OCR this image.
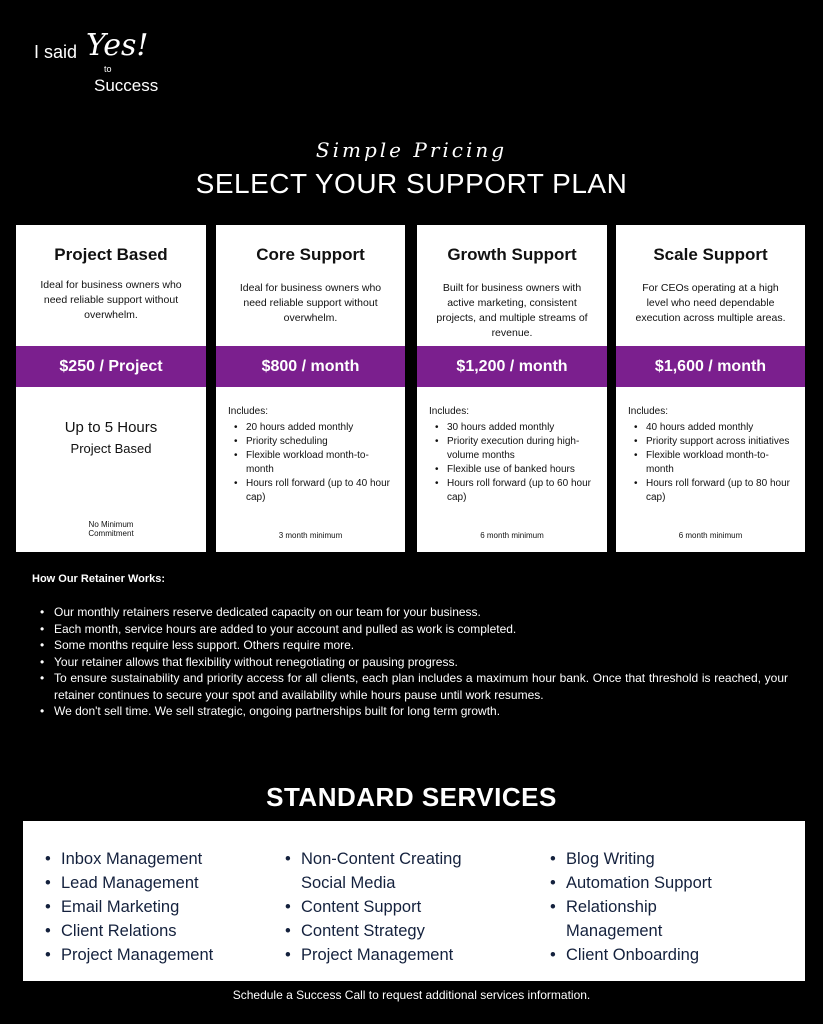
I said Yes!
to
Success
Simple Pricing
SELECT YOUR SUPPORT PLAN
Project Based
Ideal for business owners who need reliable support without overwhelm.
Up to 5 Hours
Project Based
No Minimum Commitment
$250 / Project
Core Support
Ideal for business owners who need reliable support without overwhelm.
Includes:
• 20 hours added monthly
• Priority scheduling
• Flexible workload month-to-month
• Hours roll forward (up to 40 hour cap)
3 month minimum
$800 / month
Growth Support
Built for business owners with active marketing, consistent projects, and multiple streams of revenue.
Includes:
• 30 hours added monthly
• Priority execution during high-volume months
• Flexible use of banked hours
• Hours roll forward (up to 60 hour cap)
6 month minimum
$1,200 / month
Scale Support
For CEOs operating at a high level who need dependable execution across multiple areas.
Includes:
• 40 hours added monthly
• Priority support across initiatives
• Flexible workload month-to-month
• Hours roll forward (up to 80 hour cap)
6 month minimum
$1,600 / month
How Our Retainer Works:
• Our monthly retainers reserve dedicated capacity on our team for your business.
• Each month, service hours are added to your account and pulled as work is completed.
• Some months require less support. Others require more.
• Your retainer allows that flexibility without renegotiating or pausing progress.
• To ensure sustainability and priority access for all clients, each plan includes a maximum hour bank. Once that threshold is reached, your retainer continues to secure your spot and availability while hours pause until work resumes.
• We don't sell time. We sell strategic, ongoing partnerships built for long term growth.
STANDARD SERVICES
• Inbox Management
• Lead Management
• Email Marketing
• Client Relations
• Project Management
• Non-Content Creating Social Media
• Content Support
• Content Strategy
• Project Management
• Blog Writing
• Automation Support
• Relationship Management
• Client Onboarding
Schedule a Success Call to request additional services information.
